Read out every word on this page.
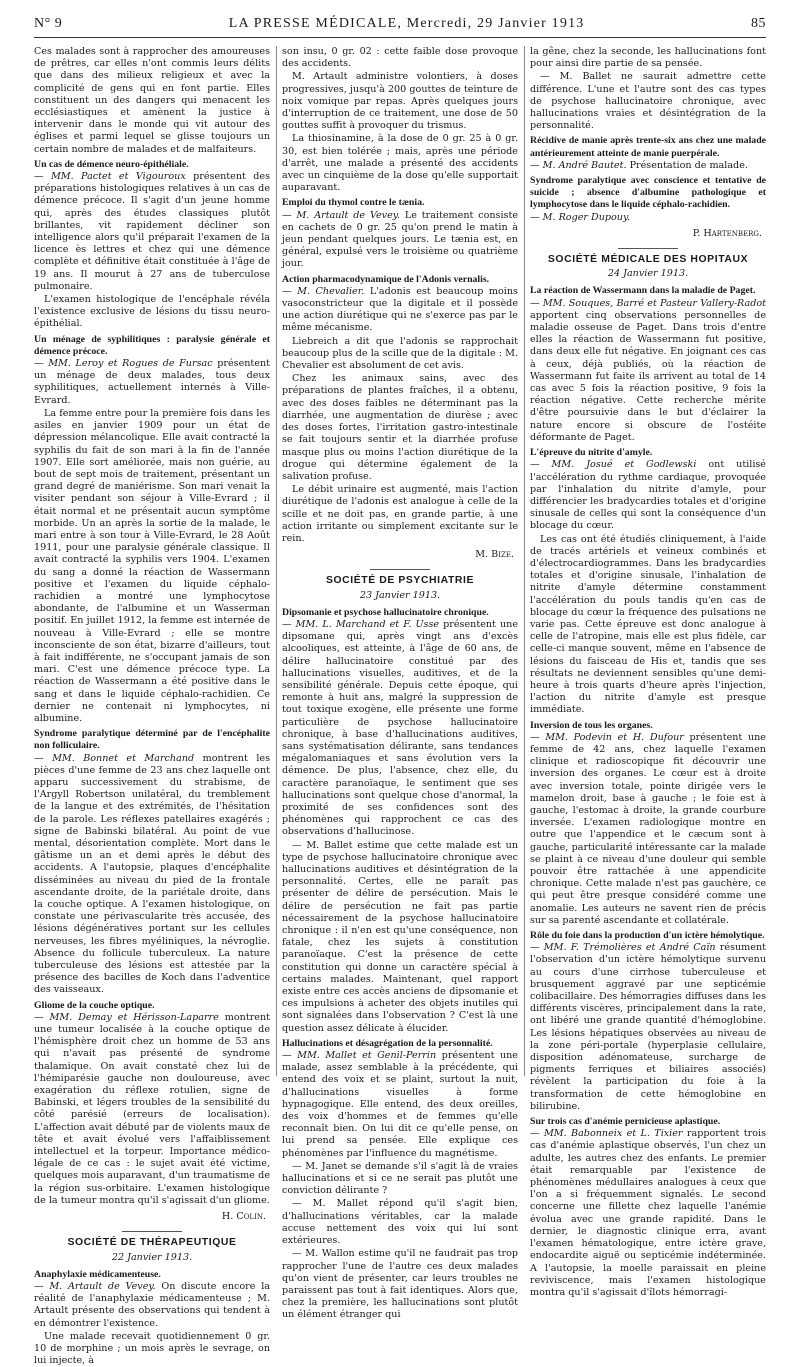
N° 9	LA PRESSE MÉDICALE, Mercredi, 29 Janvier 1913	85

Ces malades sont à rapprocher des amoureuses de prêtres, car elles n'ont commis leurs délits que dans des milieux religieux et avec la complicité de gens qui en font partie. Elles constituent un des dangers qui menacent les ecclésiastiques et amènent la justice à intervenir dans le monde qui vit autour des églises et parmi lequel se glisse toujours un certain nombre de malades et de malfaiteurs.

Un cas de démence neuro-épithéliale.

— MM. Pactet et Vigouroux présentent des préparations histologiques relatives à un cas de démence précoce. Il s'agit d'un jeune homme qui, après des études classiques plutôt brillantes, vit rapidement décliner son intelligence alors qu'il préparait l'examen de la licence ès lettres et chez qui une démence complète et définitive était constituée à l'âge de 19 ans. Il mourut à 27 ans de tuberculose pulmonaire.

L'examen histologique de l'encéphale révéla l'existence exclusive de lésions du tissu neuro-épithélial.

Un ménage de syphilitiques : paralysie générale et démence précoce.

— MM. Leroy et Rogues de Fursac présentent un ménage de deux malades, tous deux syphilitiques, actuellement internés à Ville-Evrard.

La femme entre pour la première fois dans les asiles en janvier 1909 pour un état de dépression mélancolique. Elle avait contracté la syphilis du fait de son mari à la fin de l'année 1907. Elle sort améliorée, mais non guérie, au bout de sept mois de traitement, présentant un grand degré de maniérisme. Son mari venait la visiter pendant son séjour à Ville-Evrard ; il était normal et ne présentait aucun symptôme morbide. Un an après la sortie de la malade, le mari entre à son tour à Ville-Evrard, le 28 Août 1911, pour une paralysie générale classique. Il avait contracté la syphilis vers 1904. L'examen du sang a donné la réaction de Wassermann positive et l'examen du liquide céphalo-rachidien a montré une lymphocytose abondante, de l'albumine et un Wasserman positif. En juillet 1912, la femme est internée de nouveau à Ville-Evrard ; elle se montre inconsciente de son état, bizarre d'ailleurs, tout à fait indifférente, ne s'occupant jamais de son mari. C'est une démence précoce type. La réaction de Wassermann a été positive dans le sang et dans le liquide céphalo-rachidien. Ce dernier ne contenait ni lymphocytes, ni albumine.

Syndrome paralytique déterminé par de l'encéphalite non folliculaire.

— MM. Bonnet et Marchand montrent les pièces d'une femme de 23 ans chez laquelle ont apparu successivement du strabisme, de l'Argyll Robertson unilatéral, du tremblement de la langue et des extrémités, de l'hésitation de la parole. Les réflexes patellaires exagérés ; signe de Babinski bilatéral. Au point de vue mental, désorientation complète. Mort dans le gâtisme un an et demi après le début des accidents. A l'autopsie, plaques d'encéphalite disséminées au niveau du pied de la frontale ascendante droite, de la pariétale droite, dans la couche optique. A l'examen histologique, on constate une périvascularite très accusée, des lésions dégénératives portant sur les cellules nerveuses, les fibres myéliniques, la névroglie. Absence du follicule tuberculeux. La nature tuberculeuse des lésions est attestée par la présence des bacilles de Koch dans l'adventice des vaisseaux.

Gliome de la couche optique.

— MM. Demay et Hérisson-Laparre montrent une tumeur localisée à la couche optique de l'hémisphère droit chez un homme de 53 ans qui n'avait pas présenté de syndrome thalamique. On avait constaté chez lui de l'hémiparésie gauche non douloureuse, avec exagération du réflexe rotulien, signe de Babinski, et légers troubles de la sensibilité du côté parésié (erreurs de localisation). L'affection avait débuté par de violents maux de tête et avait évolué vers l'affaiblissement intellectuel et la torpeur. Importance médico-légale de ce cas : le sujet avait été victime, quelques mois auparavant, d'un traumatisme de la région sus-orbitaire. L'examen histologique de la tumeur montra qu'il s'agissait d'un gliome.

H. Colin.
SOCIÉTÉ DE THÉRAPEUTIQUE
22 Janvier 1913.
Anaphylaxie médicamenteuse.

— M. Artault de Vevey. On discute encore la réalité de l'anaphylaxie médicamenteuse ; M. Artault présente des observations qui tendent à en démontrer l'existence.

Une malade recevait quotidiennement 0 gr. 10 de morphine ; un mois après le sevrage, on lui injecte, à

son insu, 0 gr. 02 : cette faible dose provoque des accidents.

M. Artault administre volontiers, à doses progressives, jusqu'à 200 gouttes de teinture de noix vomique par repas. Après quelques jours d'interruption de ce traitement, une dose de 50 gouttes suffit à provoquer du trismus.

La thiosinamine, à la dose de 0 gr. 25 à 0 gr. 30, est bien tolérée ; mais, après une période d'arrêt, une malade a présenté des accidents avec un cinquième de la dose qu'elle supportait auparavant.

Emploi du thymol contre le tænia.

— M. Artault de Vevey. Le traitement consiste en cachets de 0 gr. 25 qu'on prend le matin à jeun pendant quelques jours. Le tænia est, en général, expulsé vers le troisième ou quatrième jour.

Action pharmacodynamique de l'Adonis vernalis.

— M. Chevalier. L'adonis est beaucoup moins vasoconstricteur que la digitale et il possède une action diurétique qui ne s'exerce pas par le même mécanisme.

Liebreich a dit que l'adonis se rapprochait beaucoup plus de la scille que de la digitale : M. Chevalier est absolument de cet avis.

Chez les animaux sains, avec des préparations de plantes fraîches, il a obtenu, avec des doses faibles ne déterminant pas la diarrhée, une augmentation de diurèse ; avec des doses fortes, l'irritation gastro-intestinale se fait toujours sentir et la diarrhée profuse masque plus ou moins l'action diurétique de la drogue qui détermine également de la salivation profuse.

Le débit urinaire est augmenté, mais l'action diurétique de l'adonis est analogue à celle de la scille et ne doit pas, en grande partie, à une action irritante ou simplement excitante sur le rein.

M. Bize.
SOCIÉTÉ DE PSYCHIATRIE
23 Janvier 1913.
Dipsomanie et psychose hallucinatoire chronique.

— MM. L. Marchand et F. Usse présentent une dipsomane qui, après vingt ans d'excès alcooliques, est atteinte, à l'âge de 60 ans, de délire hallucinatoire constitué par des hallucinations visuelles, auditives, et de la sensibilité générale. Depuis cette époque, qui remonte à huit ans, malgré la suppression de tout toxique exogène, elle présente une forme particulière de psychose hallucinatoire chronique, à base d'hallucinations auditives, sans systématisation délirante, sans tendances mégalomaniaques et sans évolution vers la démence. De plus, l'absence, chez elle, du caractère paranoïaque, le sentiment que ses hallucinations sont quelque chose d'anormal, la proximité de ses confidences sont des phénomènes qui rapprochent ce cas des observations d'hallucinose.

— M. Ballet estime que cette malade est un type de psychose hallucinatoire chronique avec hallucinations auditives et désintégration de la personnalité. Certes, elle ne paraît pas présenter de délire de persécution. Mais le délire de persécution ne fait pas partie nécessairement de la psychose hallucinatoire chronique : il n'en est qu'une conséquence, non fatale, chez les sujets à constitution paranoïaque. C'est la présence de cette constitution qui donne un caractère spécial à certains malades. Maintenant, quel rapport existe entre ces accès anciens de dipsomanie et ces impulsions à acheter des objets inutiles qui sont signalées dans l'observation ? C'est là une question assez délicate à élucider.

Hallucinations et désagrégation de la personnalité.

— MM. Mallet et Genil-Perrin présentent une malade, assez semblable à la précédente, qui entend des voix et se plaint, surtout la nuit, d'hallucinations visuelles à forme hypnagogique. Elle entend, des deux oreilles, des voix d'hommes et de femmes qu'elle reconnaît bien. On lui dit ce qu'elle pense, on lui prend sa pensée. Elle explique ces phénomènes par l'influence du magnétisme.

— M. Janet se demande s'il s'agit là de vraies hallucinations et si ce ne serait pas plutôt une conviction délirante ?

— M. Mallet répond qu'il s'agit bien, d'hallucinations véritables, car la malade accuse nettement des voix qui lui sont extérieures.

— M. Wallon estime qu'il ne faudrait pas trop rapprocher l'une de l'autre ces deux malades qu'on vient de présenter, car leurs troubles ne paraissent pas tout à fait identiques. Alors que, chez la première, les hallucinations sont plutôt un élément étranger qui

la gêne, chez la seconde, les hallucinations font pour ainsi dire partie de sa pensée.

— M. Ballet ne saurait admettre cette différence. L'une et l'autre sont des cas types de psychose hallucinatoire chronique, avec hallucinations vraies et désintégration de la personnalité.

Récidive de manie après trente-six ans chez une malade antérieurement atteinte de manie puerpérale.

— M. André Bautet. Présentation de malade.

Syndrome paralytique avec conscience et tentative de suicide ; absence d'albumine pathologique et lymphocytose dans le liquide céphalo-rachidien.

— M. Roger Dupouy.

P. Hartenberg.
SOCIÉTÉ MÉDICALE DES HOPITAUX
24 Janvier 1913.
La réaction de Wassermann dans la maladie de Paget.

— MM. Souques, Barré et Pasteur Vallery-Radot apportent cinq observations personnelles de maladie osseuse de Paget. Dans trois d'entre elles la réaction de Wassermann fut positive, dans deux elle fut négative. En joignant ces cas à ceux, déjà publiés, où la réaction de Wassermann fut faite ils arrivent au total de 14 cas avec 5 fois la réaction positive, 9 fois la réaction négative. Cette recherche mérite d'être poursuivie dans le but d'éclairer la nature encore si obscure de l'ostéite déformante de Paget.

L'épreuve du nitrite d'amyle.

— MM. Josué et Godlewski ont utilisé l'accélération du rythme cardiaque, provoquée par l'inhalation du nitrite d'amyle, pour différencier les bradycardies totales et d'origine sinusale de celles qui sont la conséquence d'un blocage du cœur.

Les cas ont été étudiés cliniquement, à l'aide de tracés artériels et veineux combinés et d'électrocardiogrammes. Dans les bradycardies totales et d'origine sinusale, l'inhalation de nitrite d'amyle détermine constamment l'accélération du pouls tandis qu'en cas de blocage du cœur la fréquence des pulsations ne varie pas. Cette épreuve est donc analogue à celle de l'atropine, mais elle est plus fidèle, car celle-ci manque souvent, même en l'absence de lésions du faisceau de His et, tandis que ses résultats ne deviennent sensibles qu'une demi-heure à trois quarts d'heure après l'injection, l'action du nitrite d'amyle est presque immédiate.

Inversion de tous les organes.

— MM. Podevin et H. Dufour présentent une femme de 42 ans, chez laquelle l'examen clinique et radioscopique fit découvrir une inversion des organes. Le cœur est à droite avec inversion totale, pointe dirigée vers le mamelon droit, base à gauche ; le foie est à gauche, l'estomac à droite, la grande courbure inversée. L'examen radiologique montre en outre que l'appendice et le cæcum sont à gauche, particularité intéressante car la malade se plaint à ce niveau d'une douleur qui semble pouvoir être rattachée à une appendicite chronique. Cette malade n'est pas gauchère, ce qui peut être presque considéré comme une anomalie. Les auteurs ne savent rien de précis sur sa parenté ascendante et collatérale.

Rôle du foie dans la production d'un ictère hémolytique.

— MM. F. Trémolières et André Caïn résument l'observation d'un ictère hémolytique survenu au cours d'une cirrhose tuberculeuse et brusquement aggravé par une septicémie colibacillaire. Des hémorragies diffuses dans les différents viscères, principalement dans la rate, ont libéré une grande quantité d'hémoglobine. Les lésions hépatiques observées au niveau de la zone péri-portale (hyperplasie cellulaire, disposition adénomateuse, surcharge de pigments ferriques et biliaires associés) révèlent la participation du foie à la transformation de cette hémoglobine en bilirubine.

Sur trois cas d'anémie pernicieuse aplastique.

— MM. Babonneix et L. Tixier rapportent trois cas d'anémie aplastique observés, l'un chez un adulte, les autres chez des enfants. Le premier était remarquable par l'existence de phénomènes médullaires analogues à ceux que l'on a si fréquemment signalés. Le second concerne une fillette chez laquelle l'anémie évolua avec une grande rapidité. Dans le dernier, le diagnostic clinique erra, avant l'examen hématologique, entre ictère grave, endocardite aiguë ou septicémie indéterminée. A l'autopsie, la moelle paraissait en pleine reviviscence, mais l'examen histologique montra qu'il s'agissait d'îlots hémorragi-
